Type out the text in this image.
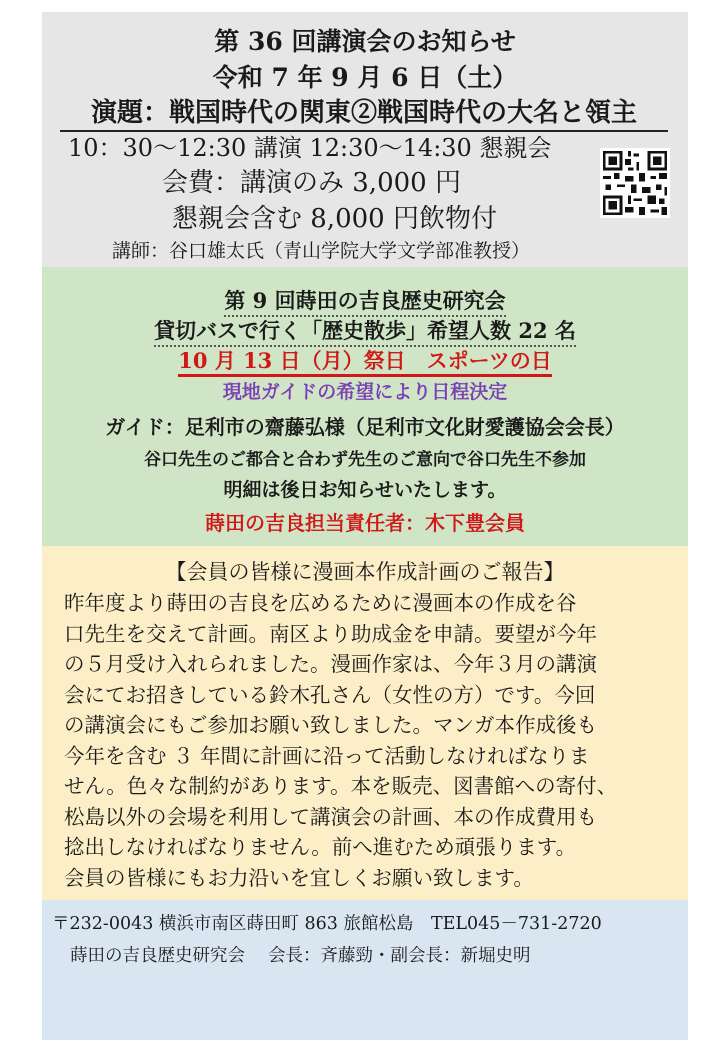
第 36 回講演会のお知らせ
令和 7 年 9 月 6 日（土）
演題：戦国時代の関東②戦国時代の大名と領主
10：30～12:30 講演 12:30～14:30 懇親会
会費：講演のみ 3,000 円
懇親会含む 8,000 円飲物付
講師：谷口雄太氏（青山学院大学文学部准教授）
第 9 回蒔田の吉良歴史研究会
貸切バスで行く「歴史散歩」希望人数 22 名
10 月 13 日（月）祭日　スポーツの日
現地ガイドの希望により日程決定
ガイド：足利市の齋藤弘様（足利市文化財愛護協会会長）
谷口先生のご都合と合わず先生のご意向で谷口先生不参加
明細は後日お知らせいたします。
蒔田の吉良担当責任者：木下豊会員
【会員の皆様に漫画本作成計画のご報告】
昨年度より蒔田の吉良を広めるために漫画本の作成を谷
口先生を交えて計画。南区より助成金を申請。要望が今年
の５月受け入れられました。漫画作家は、今年３月の講演
会にてお招きしている鈴木孔さん（女性の方）です。今回
の講演会にもご参加お願い致しました。マンガ本作成後も
今年を含む ３ 年間に計画に沿って活動しなければなりま
せん。色々な制約があります。本を販売、図書館への寄付、
松島以外の会場を利用して講演会の計画、本の作成費用も
捻出しなければなりません。前へ進むため頑張ります。
会員の皆様にもお力沿いを宜しくお願い致します。
〒232-0043 横浜市南区蒔田町 863 旅館松島　TEL045－731-2720
蒔田の吉良歴史研究会　 会長：斉藤勁・副会長：新堀史明
